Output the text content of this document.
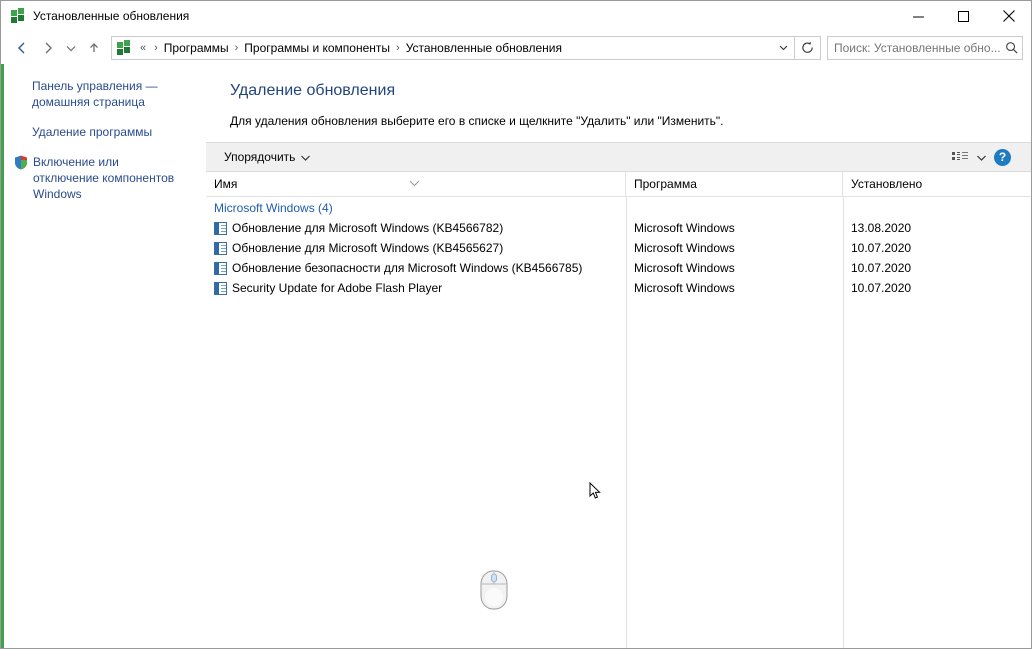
Установленные обновления
« › Программы › Программы и компоненты › Установленные обновления
Поиск: Установленные обно...
Панель управления — домашняя страница
Удаление программы
Включение или отключение компонентов Windows
Удаление обновления
Для удаления обновления выберите его в списке и щелкните "Удалить" или "Изменить".
Упорядочить	?
Имя	Программа	Установлено
Microsoft Windows (4)
Обновление для Microsoft Windows (KB4566782)	Microsoft Windows	13.08.2020
Обновление для Microsoft Windows (KB4565627)	Microsoft Windows	10.07.2020
Обновление безопасности для Microsoft Windows (KB4566785)	Microsoft Windows	10.07.2020
Security Update for Adobe Flash Player	Microsoft Windows	10.07.2020
